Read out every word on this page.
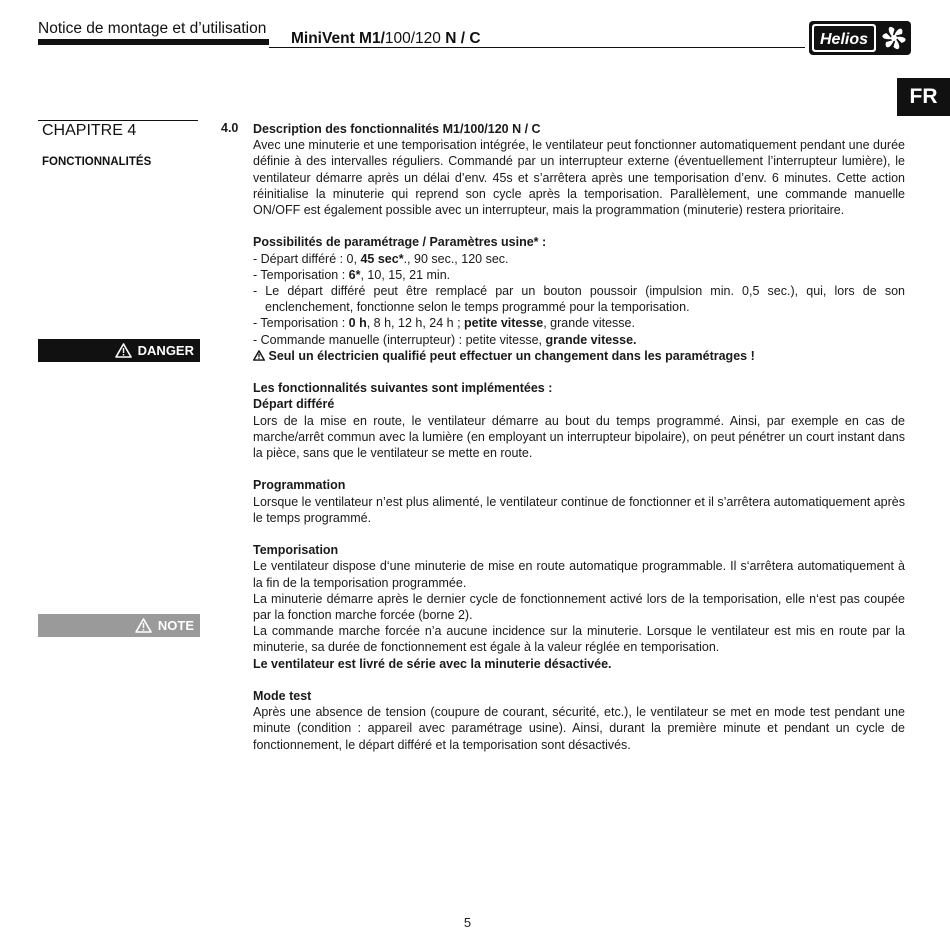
Notice de montage et d’utilisation
MiniVent M1/100/120 N / C	Helios
FR
CHAPITRE 4
FONCTIONNALITÉS
DANGER
NOTE
4.0 Description des fonctionnalités M1/100/120 N / C

Avec une minuterie et une temporisation intégrée, le ventilateur peut fonctionner automatiquement pendant une durée définie à des intervalles réguliers. Commandé par un interrupteur externe (éventuellement l’interrupteur lumière), le ventilateur démarre après un délai d’env. 45s et s’arrêtera après une temporisation d’env. 6 minutes. Cette action réinitialise la minuterie qui reprend son cycle après la temporisation. Parallèlement, une commande manuelle ON/OFF est également possible avec un interrupteur, mais la programmation (minuterie) restera prioritaire.

Possibilités de paramétrage / Paramètres usine* :

- Départ différé : 0, 45 sec*., 90 sec., 120 sec.

- Temporisation : 6*, 10, 15, 21 min.

- Le départ différé peut être remplacé par un bouton poussoir (impulsion min. 0,5 sec.), qui, lors de son enclenchement, fonctionne selon le temps programmé pour la temporisation.

- Temporisation : 0 h, 8 h, 12 h, 24 h ; petite vitesse, grande vitesse.

- Commande manuelle (interrupteur) : petite vitesse, grande vitesse.

Seul un électricien qualifié peut effectuer un changement dans les paramétrages !

Les fonctionnalités suivantes sont implémentées :

Départ différé

Lors de la mise en route, le ventilateur démarre au bout du temps programmé. Ainsi, par exemple en cas de marche/arrêt commun avec la lumière (en employant un interrupteur bipolaire), on peut pénétrer un court instant dans la pièce, sans que le ventilateur se mette en route.

Programmation

Lorsque le ventilateur n’est plus alimenté, le ventilateur continue de fonctionner et il s’arrêtera automatiquement après le temps programmé.

Temporisation

Le ventilateur dispose d‘une minuterie de mise en route automatique programmable. Il s‘arrêtera automatiquement à la fin de la temporisation programmée.

La minuterie démarre après le dernier cycle de fonctionnement activé lors de la temporisation, elle n‘est pas coupée par la fonction marche forcée (borne 2).

La commande marche forcée n’a aucune incidence sur la minuterie. Lorsque le ventilateur est mis en route par la minuterie, sa durée de fonctionnement est égale à la valeur réglée en temporisation.

Le ventilateur est livré de série avec la minuterie désactivée.

Mode test

Après une absence de tension (coupure de courant, sécurité, etc.), le ventilateur se met en mode test pendant une minute (condition : appareil avec paramétrage usine). Ainsi, durant la première minute et pendant un cycle de fonctionnement, le départ différé et la temporisation sont désactivés.

5
